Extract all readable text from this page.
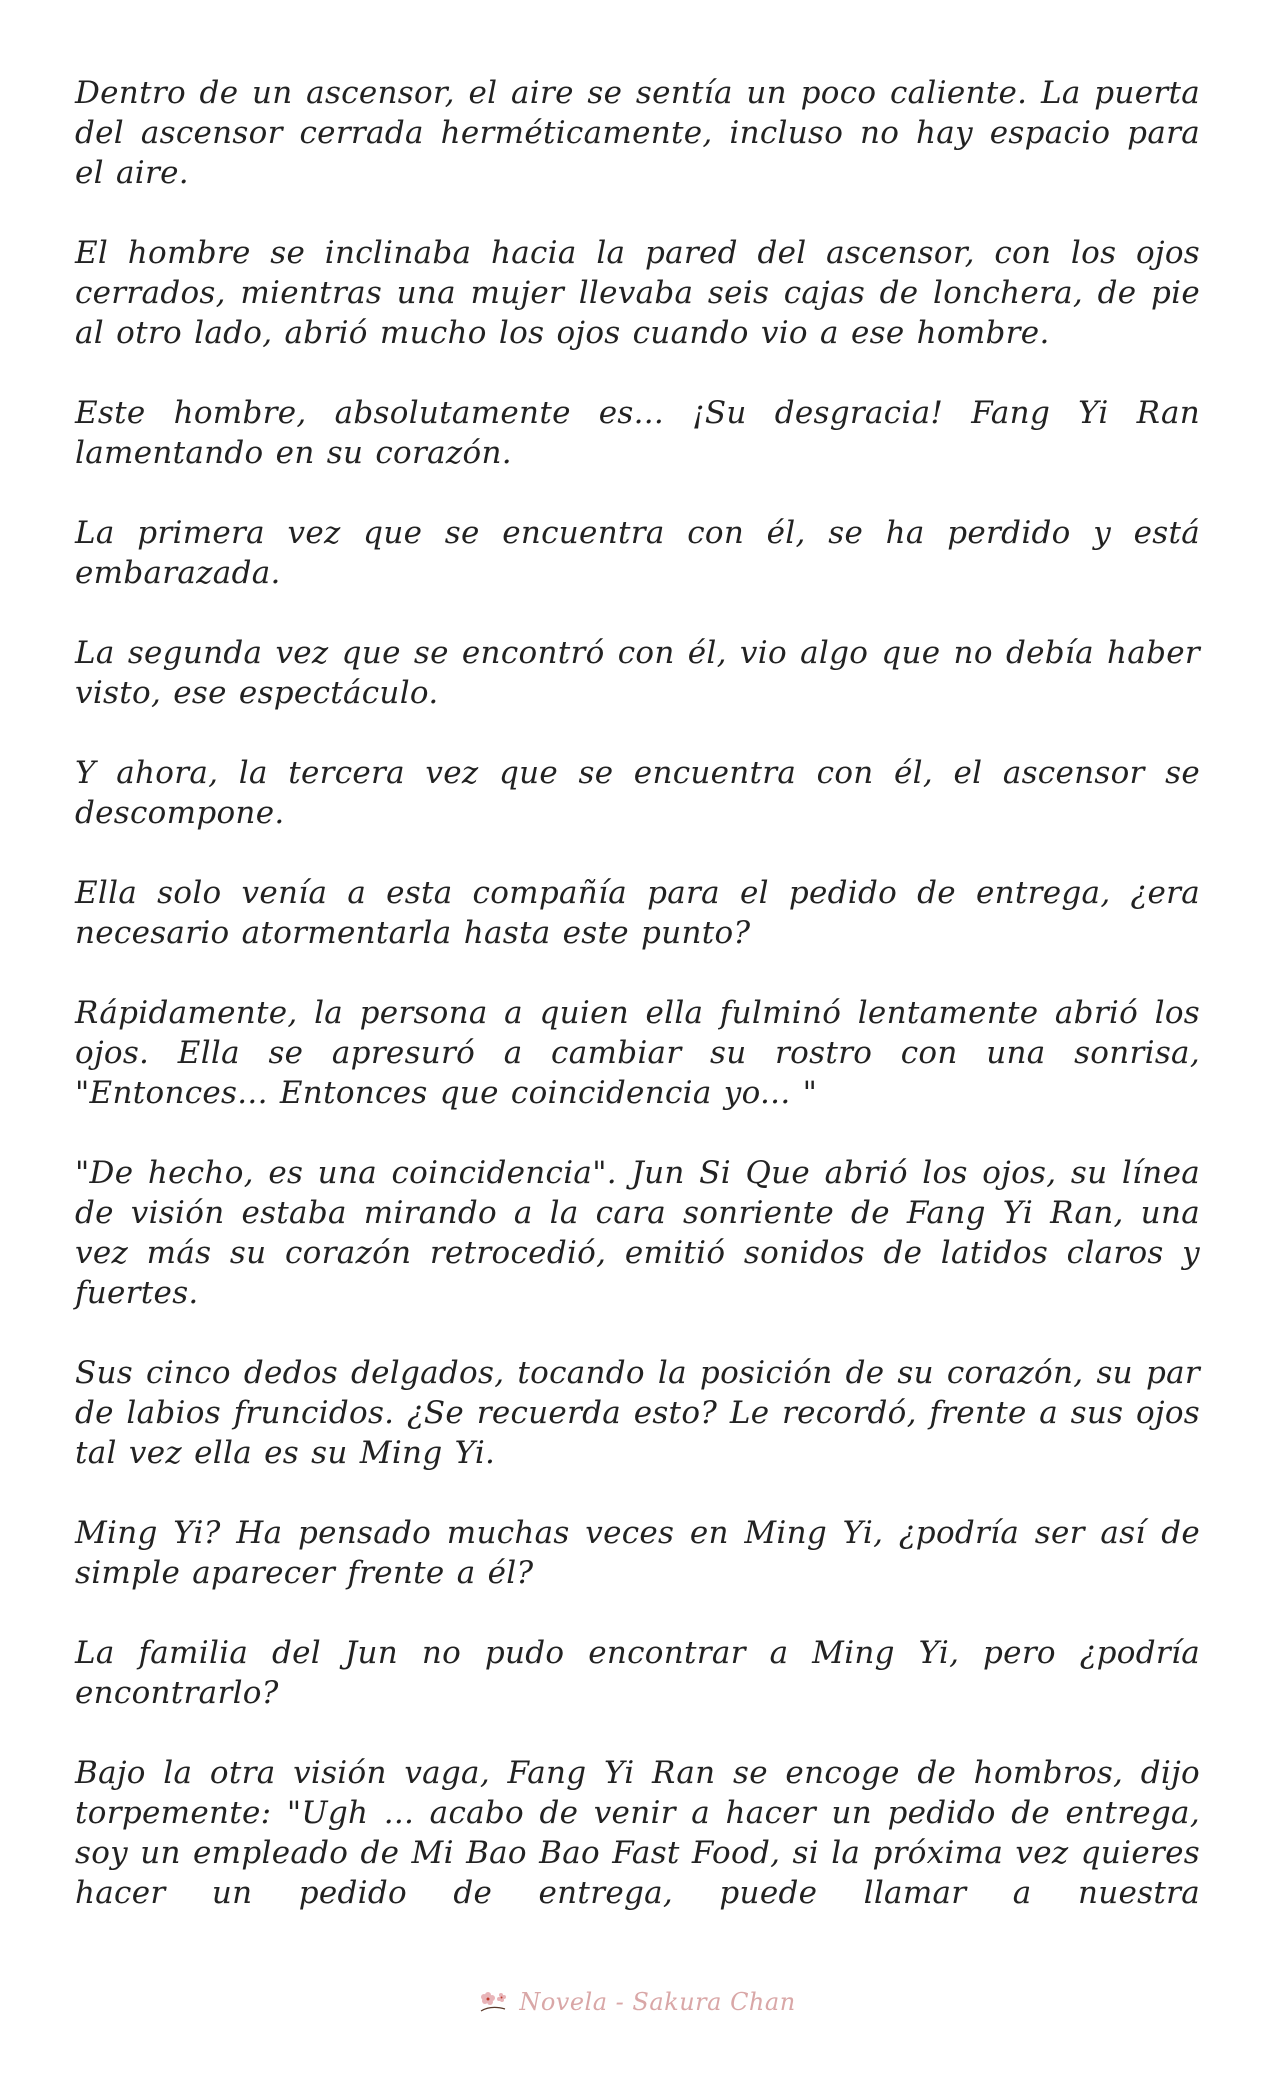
Dentro de un ascensor, el aire se sentía un poco caliente. La puerta del ascensor cerrada herméticamente, incluso no hay espacio para el aire.

El hombre se inclinaba hacia la pared del ascensor, con los ojos cerrados, mientras una mujer llevaba seis cajas de lonchera, de pie al otro lado, abrió mucho los ojos cuando vio a ese hombre.

Este hombre, absolutamente es... ¡Su desgracia! Fang Yi Ran lamentando en su corazón.

La primera vez que se encuentra con él, se ha perdido y está embarazada.

La segunda vez que se encontró con él, vio algo que no debía haber visto, ese espectáculo.

Y ahora, la tercera vez que se encuentra con él, el ascensor se descompone.

Ella solo venía a esta compañía para el pedido de entrega, ¿era necesario atormentarla hasta este punto?

Rápidamente, la persona a quien ella fulminó lentamente abrió los ojos. Ella se apresuró a cambiar su rostro con una sonrisa, "Entonces... Entonces que coincidencia yo... "

"De hecho, es una coincidencia". Jun Si Que abrió los ojos, su línea de visión estaba mirando a la cara sonriente de Fang Yi Ran, una vez más su corazón retrocedió, emitió sonidos de latidos claros y fuertes.

Sus cinco dedos delgados, tocando la posición de su corazón, su par de labios fruncidos. ¿Se recuerda esto? Le recordó, frente a sus ojos tal vez ella es su Ming Yi.

Ming Yi? Ha pensado muchas veces en Ming Yi, ¿podría ser así de simple aparecer frente a él?

La familia del Jun no pudo encontrar a Ming Yi, pero ¿podría encontrarlo?

Bajo la otra visión vaga, Fang Yi Ran se encoge de hombros, dijo torpemente: "Ugh ... acabo de venir a hacer un pedido de entrega, soy un empleado de Mi Bao Bao Fast Food, si la próxima vez quieres hacer un pedido de entrega, puede llamar a nuestra

Novela - Sakura Chan
